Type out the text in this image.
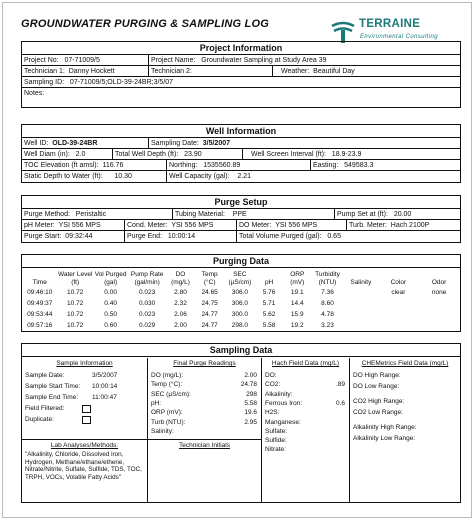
GROUNDWATER PURGING & SAMPLING LOG	TERRAINE
Environmental Consulting
Project Information
Project No: 07-71009/5	Project Name: Groundwater Sampling at Study Area 39
Technician 1: Danny Hockett	Technician 2:	Weather: Beautiful Day
Sampling ID: 07-71009/5;OLD-39-24BR;3/5/07
Notes:
Well Information
Well ID: OLD-39-24BR	Sampling Date: 3/5/2007
Well Diam (in): 2.0	Total Well Depth (ft): 23.90	Well Screen Interval (ft): 18.9-23.9
TOC Elevation (ft amsl): 116.76	Northing: 1535560.89	Easting: 549583.3
Static Depth to Water (ft): 10.30	Well Capacity (gal): 2.21
Purge Setup
Purge Method: Peristaltic	Tubing Material: PPE	Pump Set at (ft): 20.00
pH Meter: YSI 556 MPS	Cond. Meter: YSI 556 MPS	DO Meter: YSI 556 MPS	Turb. Meter: Hach 2100P
Purge Start: 09:32:44	Purge End: 10:00:14	Total Volume Purged (gal): 0.65
Purging Data
Time	Water Level (ft)	Vol Purged (gal)	Pump Rate (gal/min)	DO (mg/L)	Temp (°C)	SEC (µS/cm)	pH	ORP (mV)	Turbidity (NTU)	Salinity	Color	Odor
09:46:10	10.72	0.00	0.023	2.80	24.65	306.0	5.76	19.1	7.36		clear	none
09:49:37	10.72	0.40	0.030	2.32	24.75	306.0	5.71	14.4	8.60			
09:53:44	10.72	0.50	0.023	2.06	24.77	300.0	5.62	15.9	4.78			
09:57:16	10.72	0.60	0.029	2.00	24.77	298.0	5.58	19.2	3.23			
Sampling Data
Sample Information
Sample Date:	3/5/2007
Sample Start Time: 10:00:14
Sample End Time: 11:00:47
Field Filtered:
Duplicate:
Final Purge Readings
DO (mg/L):	2.00
Temp (°C):	24.78
SEC (µS/cm):	298
pH:	5.58
ORP (mV):	19.6
Turb (NTU):	2.95
Salinity:
Hach Field Data (mg/L)
DO:
CO2:	.89
Alkalinity:
Ferrous Iron:	0.6
H2S:
Manganese:
Sulfate:
Sulfide:
Nitrate:
CHEMetrics Field Data (mg/L)
DO High Range:
DO Low Range:
CO2 High Range:
CO2 Low Range:
Alkalinity High Range:
Alkalinity Low Range:
Lab Analyses/Methods:
"Alkalinity, Chloride, Dissolved iron, Hydrogen, Methane/ethane/ethene, Nitrate/Nitrite, Sulfate, Sulfide, TDS, TOC, TRPH, VOCs, Volatile Fatty Acids"
Technician Initials
